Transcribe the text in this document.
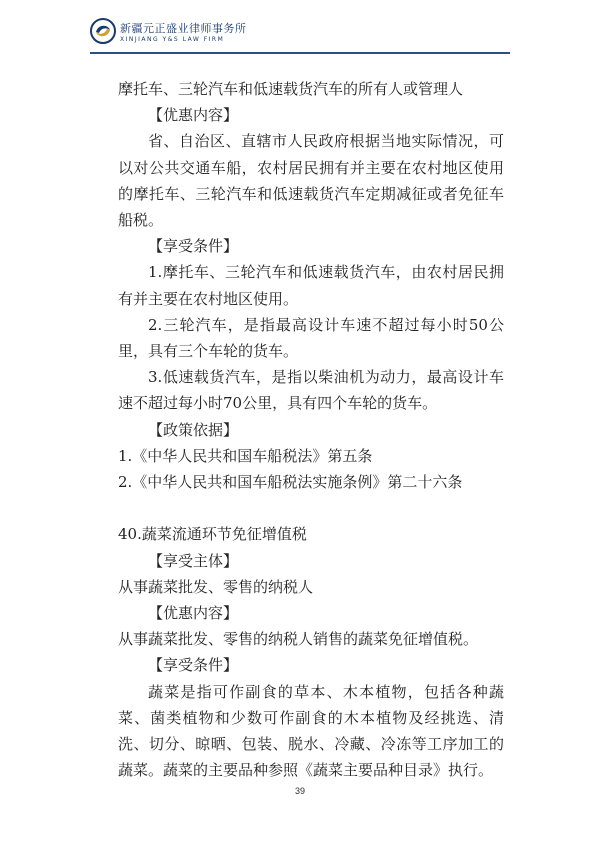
新疆元正盛业律师事务所
XINJIANG Y&S LAW FIRM

摩托车、三轮汽车和低速载货汽车的所有人或管理人

【优惠内容】

省、自治区、直辖市人民政府根据当地实际情况，可以对公共交通车船，农村居民拥有并主要在农村地区使用的摩托车、三轮汽车和低速载货汽车定期减征或者免征车船税。

【享受条件】

1.摩托车、三轮汽车和低速载货汽车，由农村居民拥有并主要在农村地区使用。

2.三轮汽车，是指最高设计车速不超过每小时50公里，具有三个车轮的货车。

3.低速载货汽车，是指以柴油机为动力，最高设计车速不超过每小时70公里，具有四个车轮的货车。

【政策依据】

1.《中华人民共和国车船税法》第五条

2.《中华人民共和国车船税法实施条例》第二十六条

40.蔬菜流通环节免征增值税

【享受主体】

从事蔬菜批发、零售的纳税人

【优惠内容】

从事蔬菜批发、零售的纳税人销售的蔬菜免征增值税。

【享受条件】

蔬菜是指可作副食的草本、木本植物，包括各种蔬菜、菌类植物和少数可作副食的木本植物及经挑选、清洗、切分、晾晒、包装、脱水、冷藏、冷冻等工序加工的蔬菜。蔬菜的主要品种参照《蔬菜主要品种目录》执行。

39
